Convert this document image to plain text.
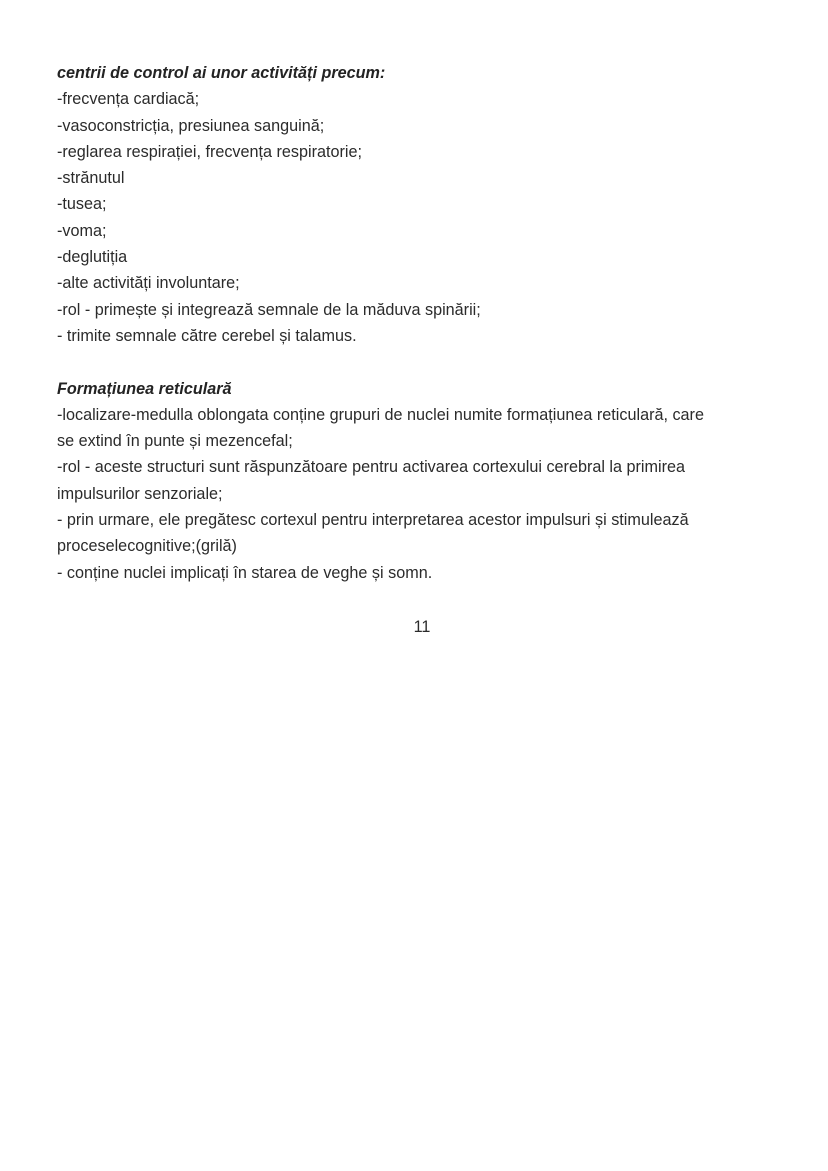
centrii de control ai unor activități precum:
-frecvența cardiacă;
-vasoconstricția, presiunea sanguină;
-reglarea respirației, frecvența respiratorie;
-strănutul
-tusea;
-voma;
-deglutiția
-alte activități involuntare;
-rol - primește și integrează semnale de la măduva spinării;
- trimite semnale către cerebel și talamus.
Formațiunea reticulară
-localizare-medulla oblongata conține grupuri de nuclei numite formațiunea reticulară, care
se extind în punte și mezencefal;
-rol - aceste structuri sunt răspunzătoare pentru activarea cortexului cerebral la primirea
impulsurilor senzoriale;
- prin urmare, ele pregătesc cortexul pentru interpretarea acestor impulsuri și stimulează
proceselecognitive;(grilă)
- conține nuclei implicați în starea de veghe și somn.
11
